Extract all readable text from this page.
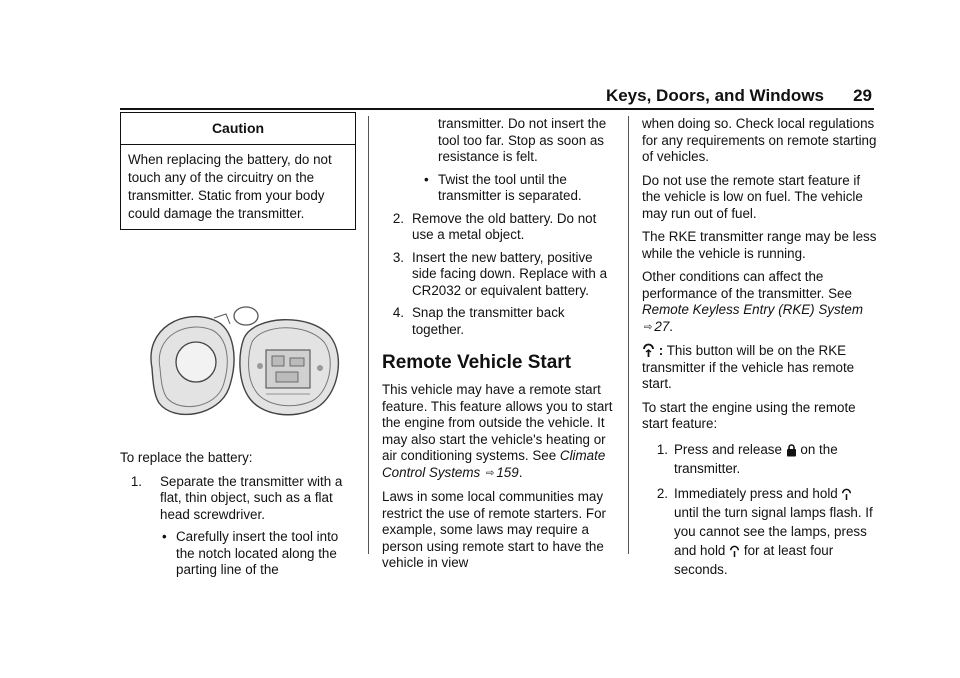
Keys, Doors, and Windows 29
Caution
When replacing the battery, do not touch any of the circuitry on the transmitter. Static from your body could damage the transmitter.

To replace the battery:

1. Separate the transmitter with a flat, thin object, such as a flat head screwdriver.
• Carefully insert the tool into the notch located along the parting line of the
transmitter. Do not insert the tool too far. Stop as soon as resistance is felt.
• Twist the tool until the transmitter is separated.
2. Remove the old battery. Do not use a metal object.
3. Insert the new battery, positive side facing down. Replace with a CR2032 or equivalent battery.
4. Snap the transmitter back together.
Remote Vehicle Start

This vehicle may have a remote start feature. This feature allows you to start the engine from outside the vehicle. It may also start the vehicle's heating or air conditioning systems. See Climate Control Systems ⇨ 159.

Laws in some local communities may restrict the use of remote starters. For example, some laws may require a person using remote start to have the vehicle in view

when doing so. Check local regulations for any requirements on remote starting of vehicles.

Do not use the remote start feature if the vehicle is low on fuel. The vehicle may run out of fuel.

The RKE transmitter range may be less while the vehicle is running.

Other conditions can affect the performance of the transmitter. See Remote Keyless Entry (RKE) System ⇨ 27.

: This button will be on the RKE transmitter if the vehicle has remote start.

To start the engine using the remote start feature:

1. Press and release on the transmitter.
2. Immediately press and hold  until the turn signal lamps flash. If you cannot see the lamps, press and hold for at least four seconds.
